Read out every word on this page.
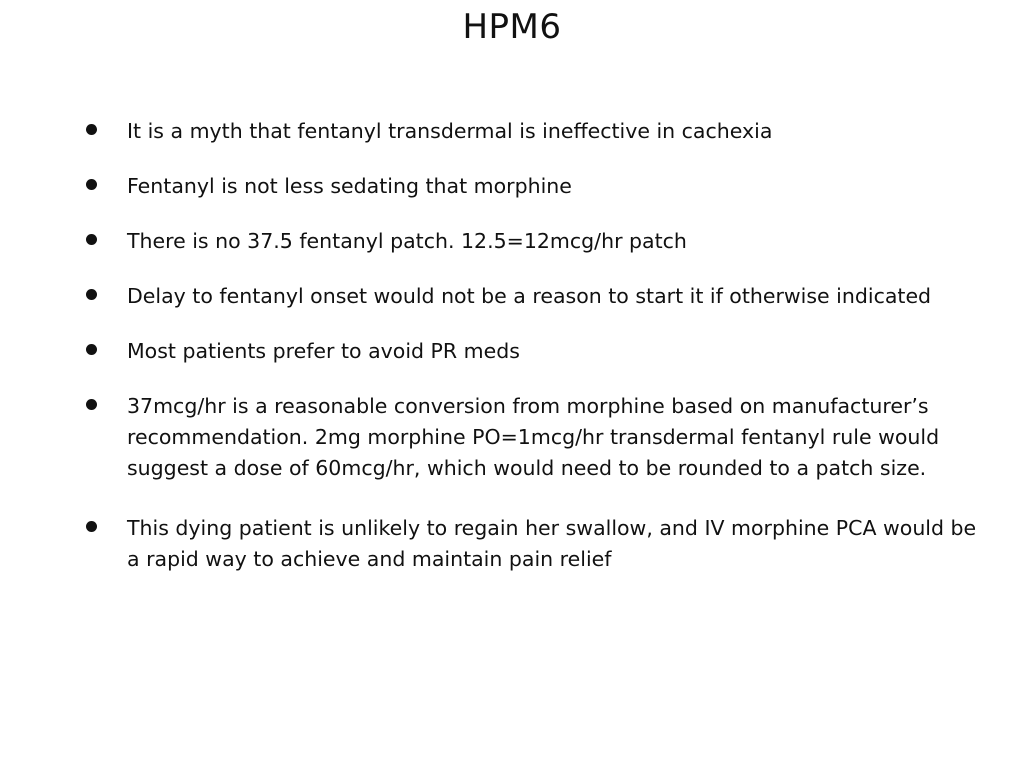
HPM6
It is a myth that fentanyl transdermal is ineffective in cachexia
Fentanyl is not less sedating that morphine
There is no 37.5 fentanyl patch. 12.5=12mcg/hr patch
Delay to fentanyl onset would not be a reason to start it if otherwise indicated
Most patients prefer to avoid PR meds
37mcg/hr is a reasonable conversion from morphine based on manufacturer’s recommendation. 2mg morphine PO=1mcg/hr transdermal fentanyl rule would suggest a dose of 60mcg/hr, which would need to be rounded to a patch size.
This dying patient is unlikely to regain her swallow, and IV morphine PCA would be a rapid way to achieve and maintain pain relief
